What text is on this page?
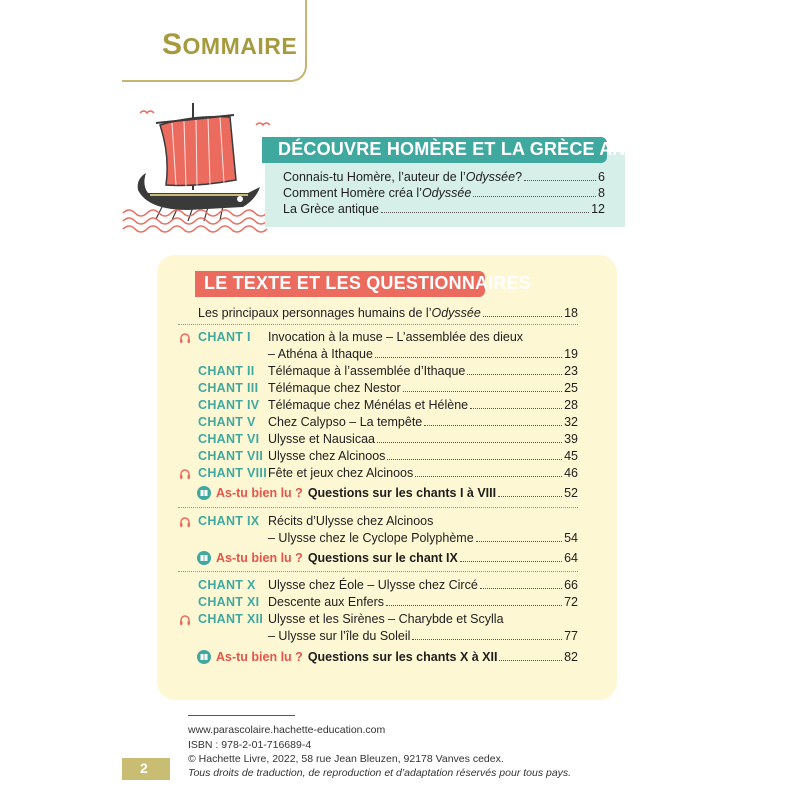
SOMMAIRE
DÉCOUVRE HOMÈRE ET LA GRÈCE ANTIQUE
Connais-tu Homère, l’auteur de l’ Odyssée ?	6
Comment Homère créa l’ Odyssée	8
La Grèce antique	12
LE TEXTE ET LES QUESTIONNAIRES
Les principaux personnages humains de l’ Odyssée	18
CHANT I Invocation à la muse – L’assemblée des dieux
– Athéna à Ithaque	19
CHANT II Télémaque à l’assemblée d’Ithaque	23
CHANT III Télémaque chez Nestor	25
CHANT IV Télémaque chez Ménélas et Hélène	28
CHANT V Chez Calypso – La tempête	32
CHANT VI Ulysse et Nausicaa	39
CHANT VII Ulysse chez Alcinoos	45
CHANT VIII Fête et jeux chez Alcinoos	46
As-tu bien lu ? Questions sur les chants I à VIII	52
CHANT IX Récits d’Ulysse chez Alcinoos
– Ulysse chez le Cyclope Polyphème	54
As-tu bien lu ? Questions sur le chant IX	64
CHANT X Ulysse chez Éole – Ulysse chez Circé	66
CHANT XI Descente aux Enfers	72
CHANT XII Ulysse et les Sirènes – Charybde et Scylla
– Ulysse sur l’île du Soleil	77
As-tu bien lu ? Questions sur les chants X à XII	82
www.parascolaire.hachette-education.com
ISBN : 978-2-01-716689-4
© Hachette Livre, 2022, 58 rue Jean Bleuzen, 92178 Vanves cedex.
Tous droits de traduction, de reproduction et d’adaptation réservés pour tous pays.
2
